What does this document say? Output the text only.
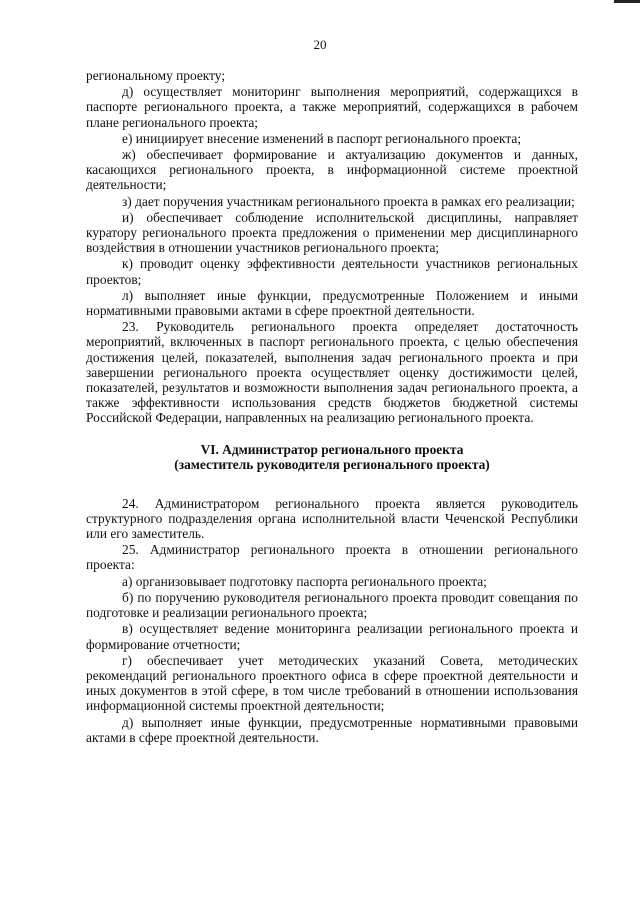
20

региональному проекту;

д) осуществляет мониторинг выполнения мероприятий, содержащихся в паспорте регионального проекта, а также мероприятий, содержащихся в рабочем плане регионального проекта;

е) инициирует внесение изменений в паспорт регионального проекта;

ж) обеспечивает формирование и актуализацию документов и данных, касающихся регионального проекта, в информационной системе проектной деятельности;

з) дает поручения участникам регионального проекта в рамках его реализации;

и) обеспечивает соблюдение исполнительской дисциплины, направляет куратору регионального проекта предложения о применении мер дисциплинарного воздействия в отношении участников регионального проекта;

к) проводит оценку эффективности деятельности участников региональных проектов;

л) выполняет иные функции, предусмотренные Положением и иными нормативными правовыми актами в сфере проектной деятельности.

23. Руководитель регионального проекта определяет достаточность мероприятий, включенных в паспорт регионального проекта, с целью обеспечения достижения целей, показателей, выполнения задач регионального проекта и при завершении регионального проекта осуществляет оценку достижимости целей, показателей, результатов и возможности выполнения задач регионального проекта, а также эффективности использования средств бюджетов бюджетной системы Российской Федерации, направленных на реализацию регионального проекта.

VI. Администратор регионального проекта
(заместитель руководителя регионального проекта)

24. Администратором регионального проекта является руководитель структурного подразделения органа исполнительной власти Чеченской Республики или его заместитель.

25. Администратор регионального проекта в отношении регионального проекта:

а) организовывает подготовку паспорта регионального проекта;

б) по поручению руководителя регионального проекта проводит совещания по подготовке и реализации регионального проекта;

в) осуществляет ведение мониторинга реализации регионального проекта и формирование отчетности;

г) обеспечивает учет методических указаний Совета, методических рекомендаций регионального проектного офиса в сфере проектной деятельности и иных документов в этой сфере, в том числе требований в отношении использования информационной системы проектной деятельности;

д) выполняет иные функции, предусмотренные нормативными правовыми актами в сфере проектной деятельности.
